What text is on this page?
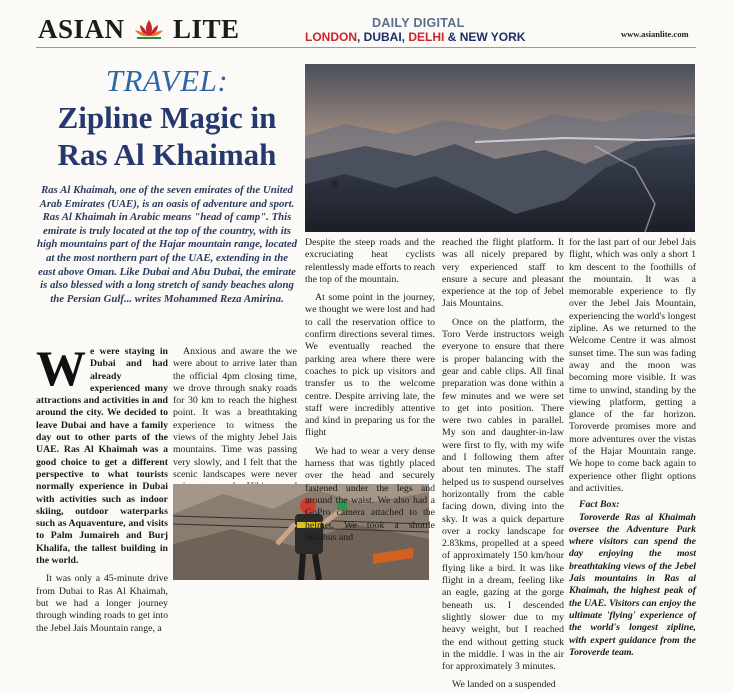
ASIAN LITE	DAILY DIGITAL
LONDON, DUBAI, DELHI & NEW YORK	www.asianlite.com
TRAVEL:
Zipline Magic in Ras Al Khaimah
Ras Al Khaimah, one of the seven emirates of the United Arab Emirates (UAE), is an oasis of adventure and sport. Ras Al Khaimah in Arabic means "head of camp". This emirate is truly located at the top of the country, with its high mountains part of the Hajar mountain range, located at the most northern part of the UAE, extending in the east above Oman. Like Dubai and Abu Dubai, the emirate is also blessed with a long stretch of sandy beaches along the Persian Gulf... writes Mohammed Reza Amirina.
We were staying in Dubai and had already experienced many attractions and activities in and around the city. We decided to leave Dubai and have a family day out to other parts of the UAE. Ras Al Khaimah was a good choice to get a different perspective to what tourists normally experience in Dubai with activities such as indoor skiing, outdoor waterparks such as Aquaventure, and visits to Palm Jumaireh and Burj Khalifa, the tallest building in the world.
It was only a 45-minute drive from Dubai to Ras Al Khaimah, but we had a longer journey through winding roads to get into the Jebel Jais Mountain range, a
Anxious and aware the we were about to arrive later than the official 4pm closing time, we drove through snaky roads for 30 km to reach the highest point. It was a breathtaking experience to witness the views of the mighty Jebel Jais mountains. Time was passing very slowly, and I felt that the scenic landscapes were never
Despite the steep roads and the excruciating heat cyclists relentlessly made efforts to reach the top of the mountain.
At some point in the journey, we thought we were lost and had to call the reservation office to confirm directions several times. We eventually reached the parking area where there were coaches to pick up visitors and transfer us to the welcome centre. Despite arriving late, the staff were incredibly attentive and kind in preparing us for the flight
We had to wear a very dense harness that was tightly placed over the head and securely fastened under the legs and around the waist. We also had a GoPro camera attached to the helmet. We took a shuttle minibus and
reached the flight platform. It was all nicely prepared by very experienced staff to ensure a secure and pleasant experience at the top of Jebel Jais Mountains.
Once on the platform, the Toro Verde instructors weigh everyone to ensure that there is proper balancing with the gear and cable clips. All final preparation was done within a few minutes and we were set to get into position. There were two cables in parallel. My son and daughter-in-law were first to fly, with my wife and I following them after about ten minutes. The staff helped us to suspend ourselves horizontally from the cable facing down, diving into the sky. It was a quick departure over a rocky landscape for 2.83kms, propelled at a speed of approximately 150 km/hour flying like a bird. It was like flight in a dream, feeling like an eagle, gazing at the gorge beneath us. I descended slightly slower due to my heavy weight, but I reached the end without getting stuck in the middle. I was in the air for approximately 3 minutes.
We landed on a suspended
for the last part of our Jebel Jais flight, which was only a short 1 km descent to the foothills of the mountain. It was a memorable experience to fly over the Jebel Jais Mountain, experiencing the world's longest zipline. As we returned to the Welcome Centre it was almost sunset time. The sun was fading away and the moon was becoming more visible. It was time to unwind, standing by the viewing platform, getting a glance of the far horizon. Toroverde promises more and more adventures over the vistas of the Hajar Mountain range. We hope to come back again to experience other flight options and activities.
Fact Box:
Toroverde Ras al Khaimah oversee the Adventure Park where visitors can spend the day enjoying the most breathtaking views of the Jebel Jais mountains in Ras al Khaimah, the highest peak of the UAE. Visitors can enjoy the ultimate 'flying' experience of the world's longest zipline, with expert guidance from the Toroverde team.
